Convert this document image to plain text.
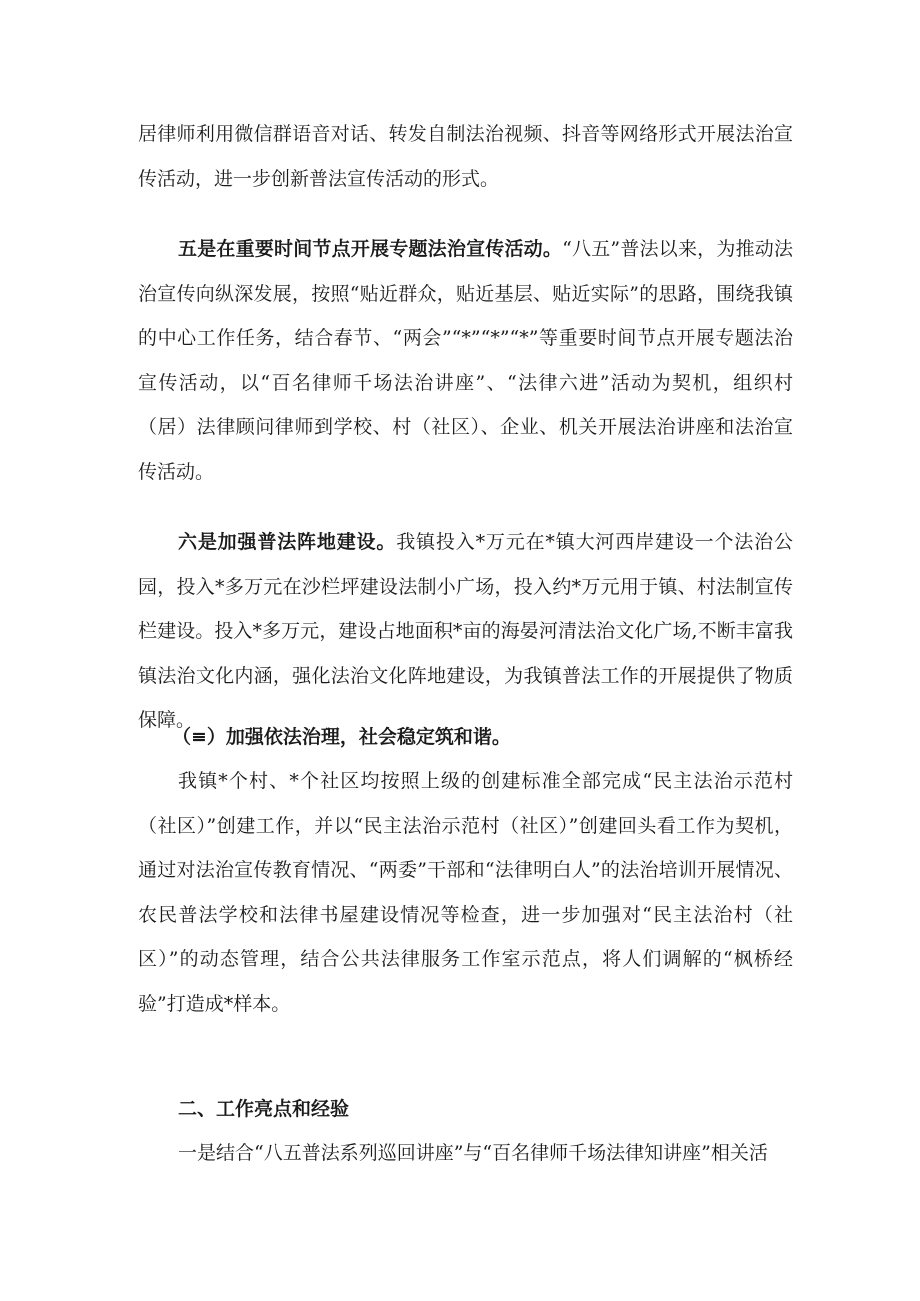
居律师利用微信群语音对话、转发自制法治视频、抖音等网络形式开展法治宣传活动，进一步创新普法宣传活动的形式。

五是在重要时间节点开展专题法治宣传活动。“八五”普法以来，为推动法治宣传向纵深发展，按照“贴近群众，贴近基层、贴近实际”的思路，围绕我镇的中心工作任务，结合春节、“两会”“*”“*”“*”等重要时间节点开展专题法治宣传活动，以“百名律师千场法治讲座”、“法律六进”活动为契机，组织村（居）法律顾问律师到学校、村（社区）、企业、机关开展法治讲座和法治宣传活动。

六是加强普法阵地建设。我镇投入*万元在*镇大河西岸建设一个法治公园，投入*多万元在沙栏坪建设法制小广场，投入约*万元用于镇、村法制宣传栏建设。投入*多万元，建设占地面积*亩的海晏河清法治文化广场,不断丰富我镇法治文化内涵，强化法治文化阵地建设，为我镇普法工作的开展提供了物质保障。

（≡）加强依法治理，社会稳定筑和谐。

我镇*个村、*个社区均按照上级的创建标准全部完成“民主法治示范村（社区）”创建工作，并以“民主法治示范村（社区）”创建回头看工作为契机，通过对法治宣传教育情况、“两委”干部和“法律明白人”的法治培训开展情况、农民普法学校和法律书屋建设情况等检查，进一步加强对“民主法治村（社区）”的动态管理，结合公共法律服务工作室示范点，将人们调解的“枫桥经验”打造成*样本。

二、工作亮点和经验

一是结合“八五普法系列巡回讲座”与“百名律师千场法律知讲座”相关活
